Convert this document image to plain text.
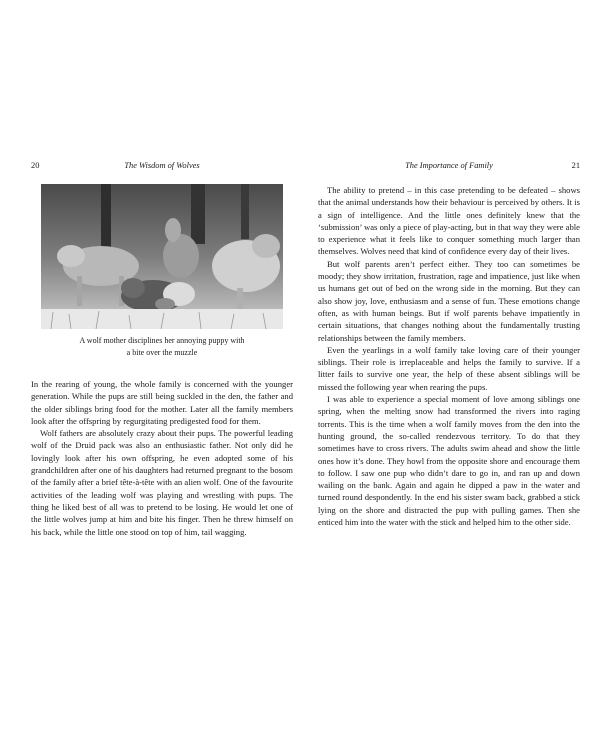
20	The Wisdom of Wolves
A wolf mother disciplines her annoying puppy with
a bite over the muzzle

In the rearing of young, the whole family is concerned with the younger generation. While the pups are still being suckled in the den, the father and the older siblings bring food for the mother. Later all the family members look after the offspring by regurgitating predigested food for them.

Wolf fathers are absolutely crazy about their pups. The powerful leading wolf of the Druid pack was also an enthusiastic father. Not only did he lovingly look after his own offspring, he even adopted some of his grandchildren after one of his daughters had returned pregnant to the bosom of the family after a brief tête-à-tête with an alien wolf. One of the favourite activities of the leading wolf was playing and wrestling with pups. The thing he liked best of all was to pretend to be losing. He would let one of the little wolves jump at him and bite his finger. Then he threw himself on his back, while the little one stood on top of him, tail wagging.

The Importance of Family	21

The ability to pretend – in this case pretending to be defeated – shows that the animal understands how their behaviour is perceived by others. It is a sign of intelligence. And the little ones definitely knew that the ‘submission’ was only a piece of play-acting, but in that way they were able to experience what it feels like to conquer something much larger than themselves. Wolves need that kind of confidence every day of their lives.

But wolf parents aren’t perfect either. They too can sometimes be moody; they show irritation, frustration, rage and impatience, just like when us humans get out of bed on the wrong side in the morning. But they can also show joy, love, enthusiasm and a sense of fun. These emotions change often, as with human beings. But if wolf parents behave impatiently in certain situations, that changes nothing about the fundamentally trusting relationships between the family members.

Even the yearlings in a wolf family take loving care of their younger siblings. Their role is irreplaceable and helps the family to survive. If a litter fails to survive one year, the help of these absent siblings will be missed the following year when rearing the pups.

I was able to experience a special moment of love among siblings one spring, when the melting snow had transformed the rivers into raging torrents. This is the time when a wolf family moves from the den into the hunting ground, the so-called rendezvous territory. To do that they sometimes have to cross rivers. The adults swim ahead and show the little ones how it’s done. They howl from the opposite shore and encourage them to follow. I saw one pup who didn’t dare to go in, and ran up and down wailing on the bank. Again and again he dipped a paw in the water and turned round despondently. In the end his sister swam back, grabbed a stick lying on the shore and distracted the pup with pulling games. Then she enticed him into the water with the stick and helped him to the other side.
